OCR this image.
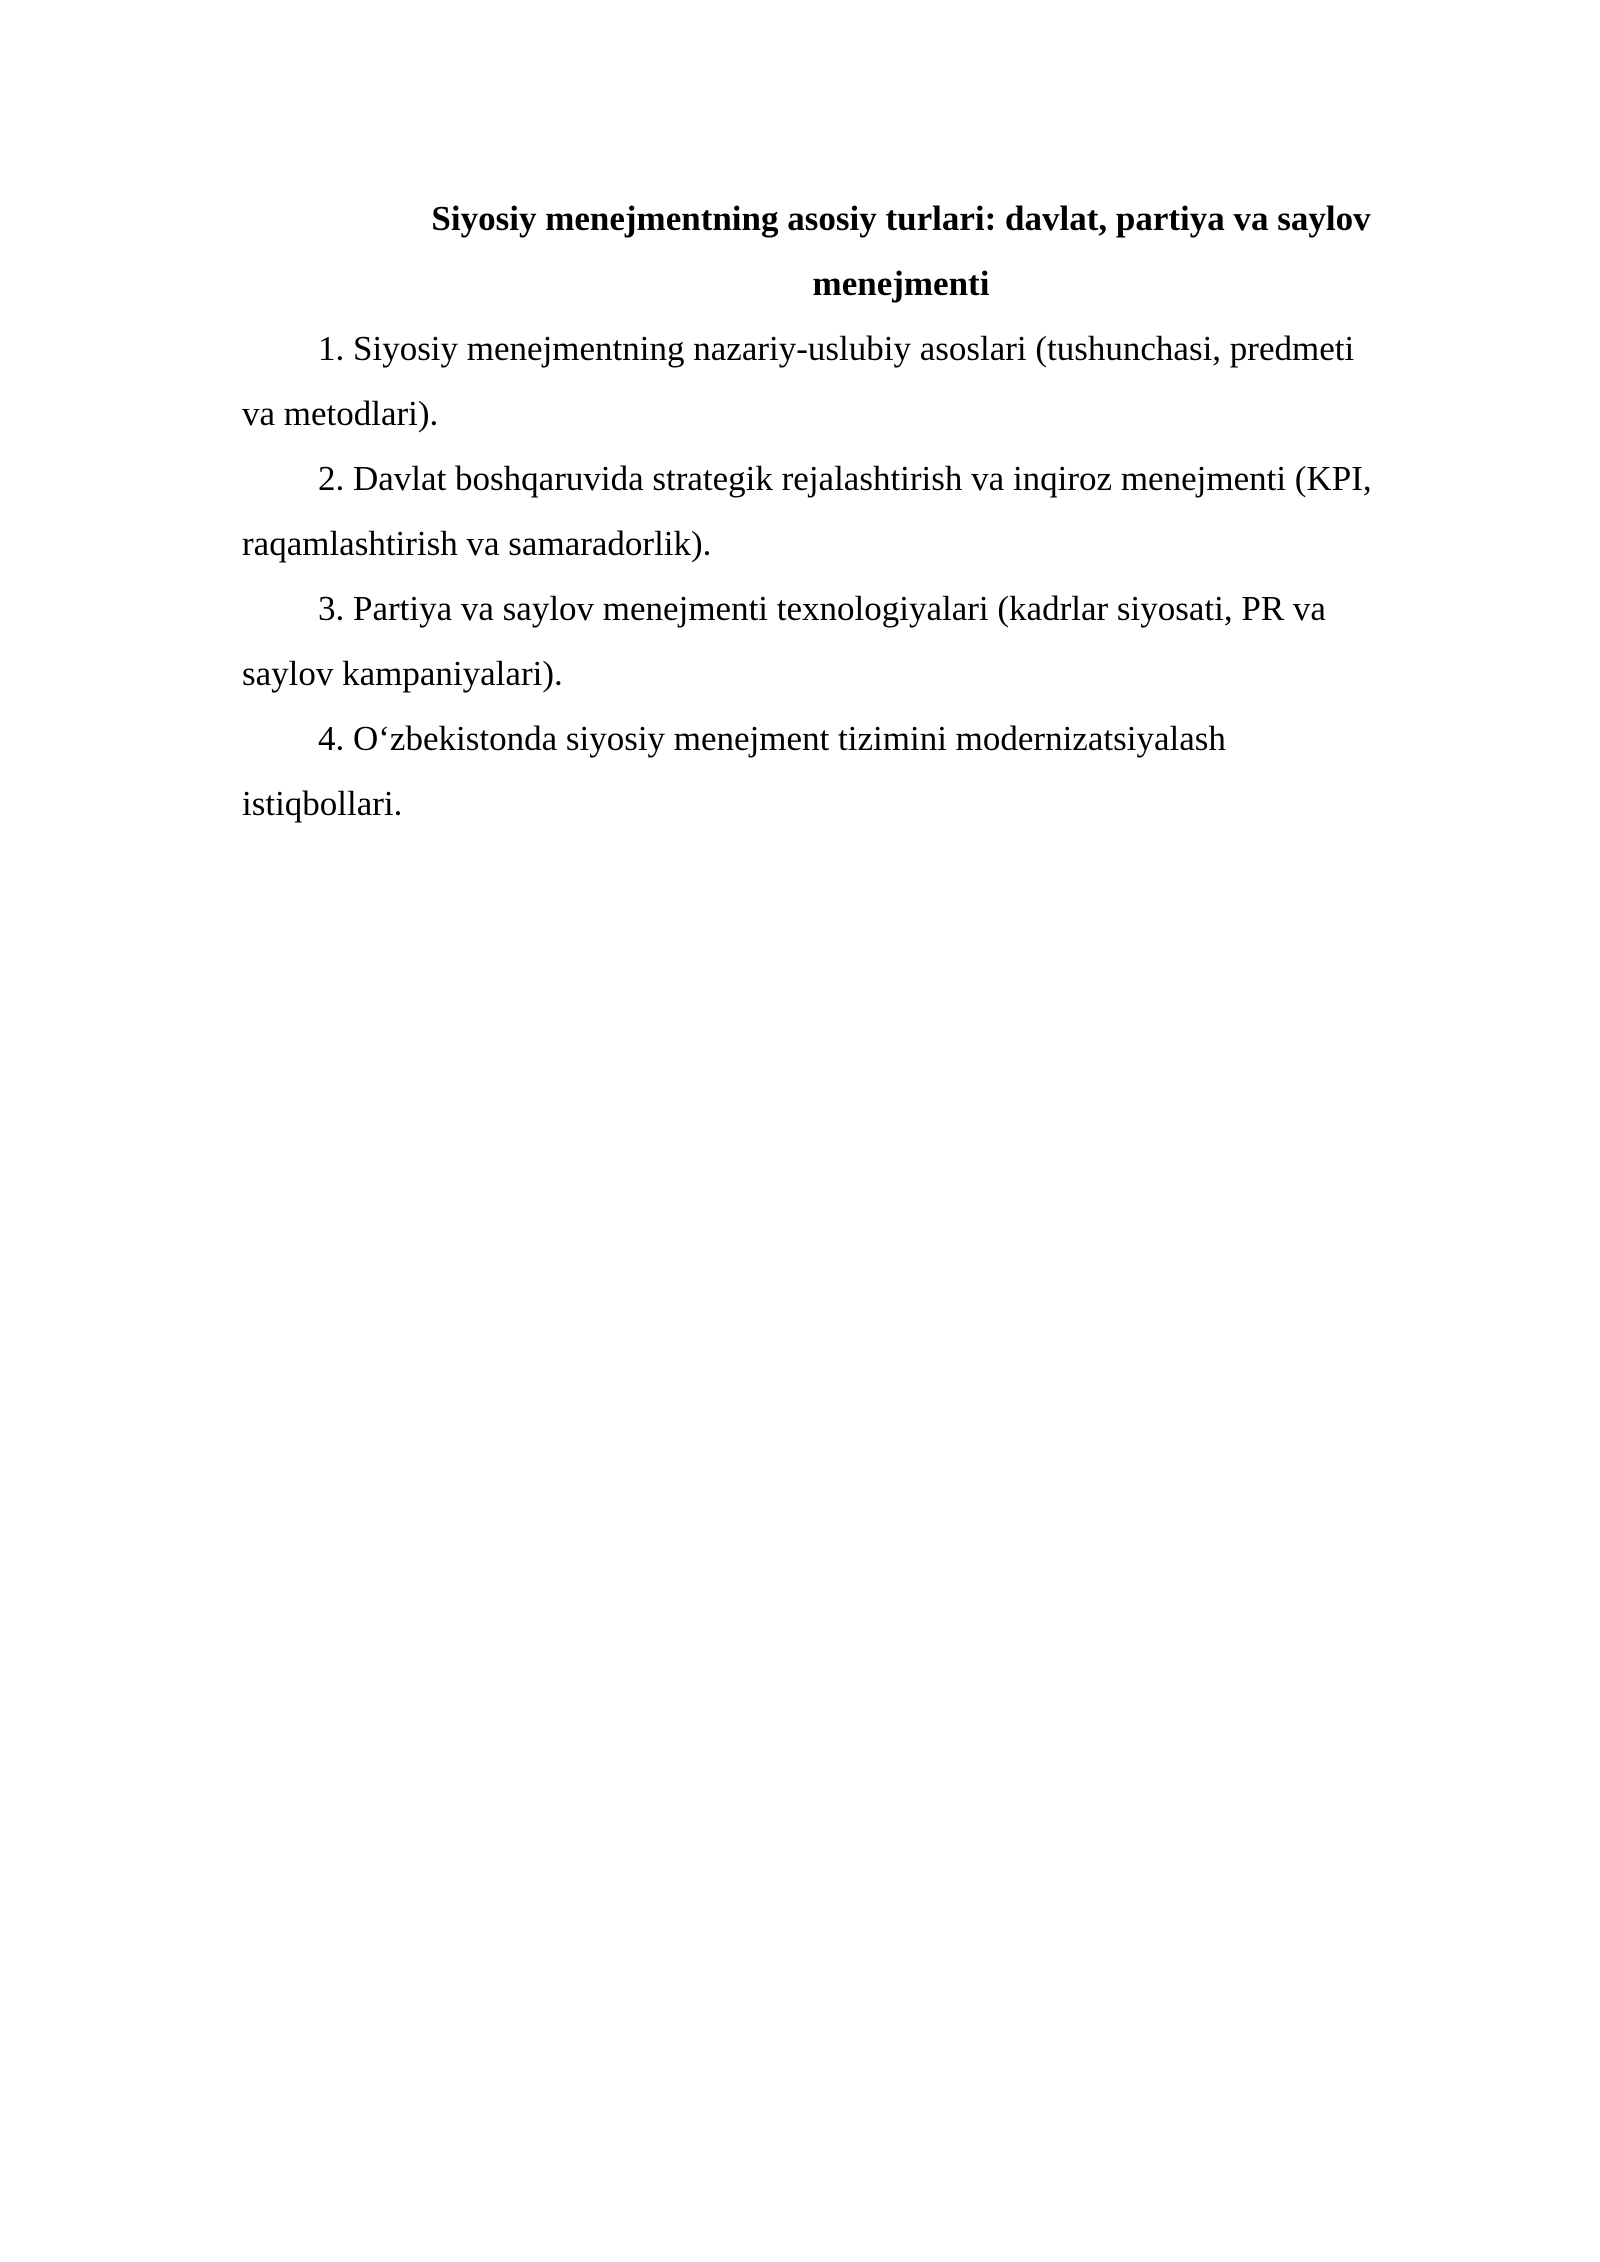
Siyosiy menejmentning asosiy turlari: davlat, partiya va saylov
menejmenti

1. Siyosiy menejmentning nazariy-uslubiy asoslari (tushunchasi, predmeti
va metodlari).

2. Davlat boshqaruvida strategik rejalashtirish va inqiroz menejmenti (KPI,
raqamlashtirish va samaradorlik).

3. Partiya va saylov menejmenti texnologiyalari (kadrlar siyosati, PR va
saylov kampaniyalari).

4. O‘zbekistonda siyosiy menejment tizimini modernizatsiyalash
istiqbollari.
